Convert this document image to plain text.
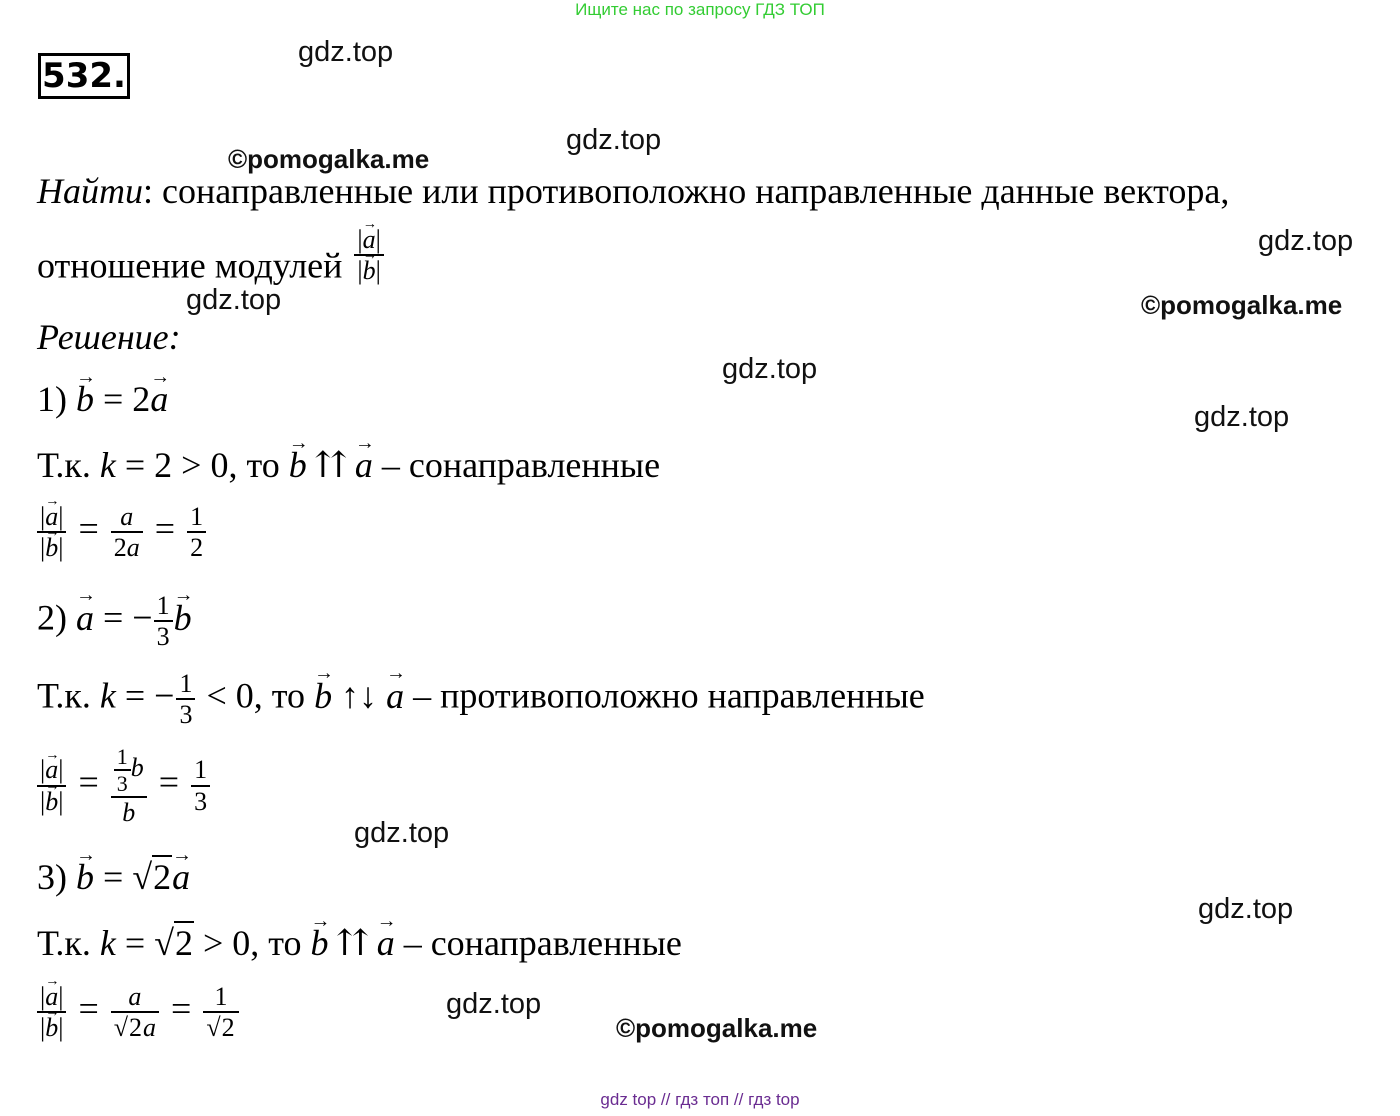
Ищите нас по запросу ГДЗ ТОП
gdz top // гдз топ // гдз top
532.
gdz.top
gdz.top
©pomogalka.me
gdz.top
gdz.top	©pomogalka.me
gdz.top
gdz.top
gdz.top
gdz.top
gdz.top
©pomogalka.me
Найти: сонаправленные или противоположно направленные данные вектора,
отношение модулей $\frac{|\to a|}{|\to b|}$
Решение:
1) → b = 2→ a
Т.к. k = 2 > 0, то → b ⇈ → a – сонаправленные
$\frac{|\to a|}{|\to b|} = \frac{a}{2a} = \frac{1}{2}$
2) → a = − $\frac{1}{3}$
→ b
Т.к. k = − $\frac{1}{3} < 0$, то → b ↑↓ → a – противоположно направленные
$\frac{|\to a|}{|\to b|} = \frac{\frac{1}{3} b}{b} = \frac{1}{3}$
3) → b = √2→ a
Т.к. k = √2 > 0, то → b ⇈ → a – сонаправленные
$\frac{|\to a|}{|\to b|} = \frac{a}{√2a} = \frac{1}{√2}$
